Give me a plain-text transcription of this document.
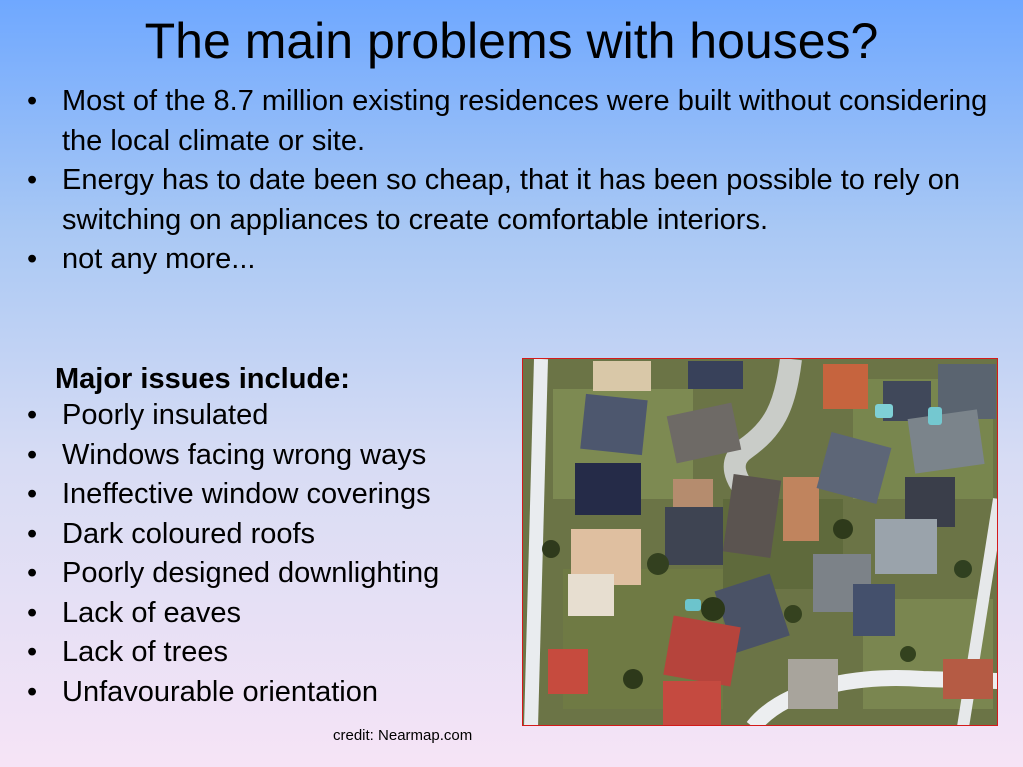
The main problems with houses?
• Most of the 8.7 million existing residences were built without considering the local climate or site.
• Energy has to date been so cheap, that it has been possible to rely on switching on appliances to create comfortable interiors.
• not any more...
Major issues include:
• Poorly insulated
• Windows facing wrong ways
• Ineffective window coverings
• Dark coloured roofs
• Poorly designed downlighting
• Lack of eaves
• Lack of trees
• Unfavourable orientation
credit: Nearmap.com
